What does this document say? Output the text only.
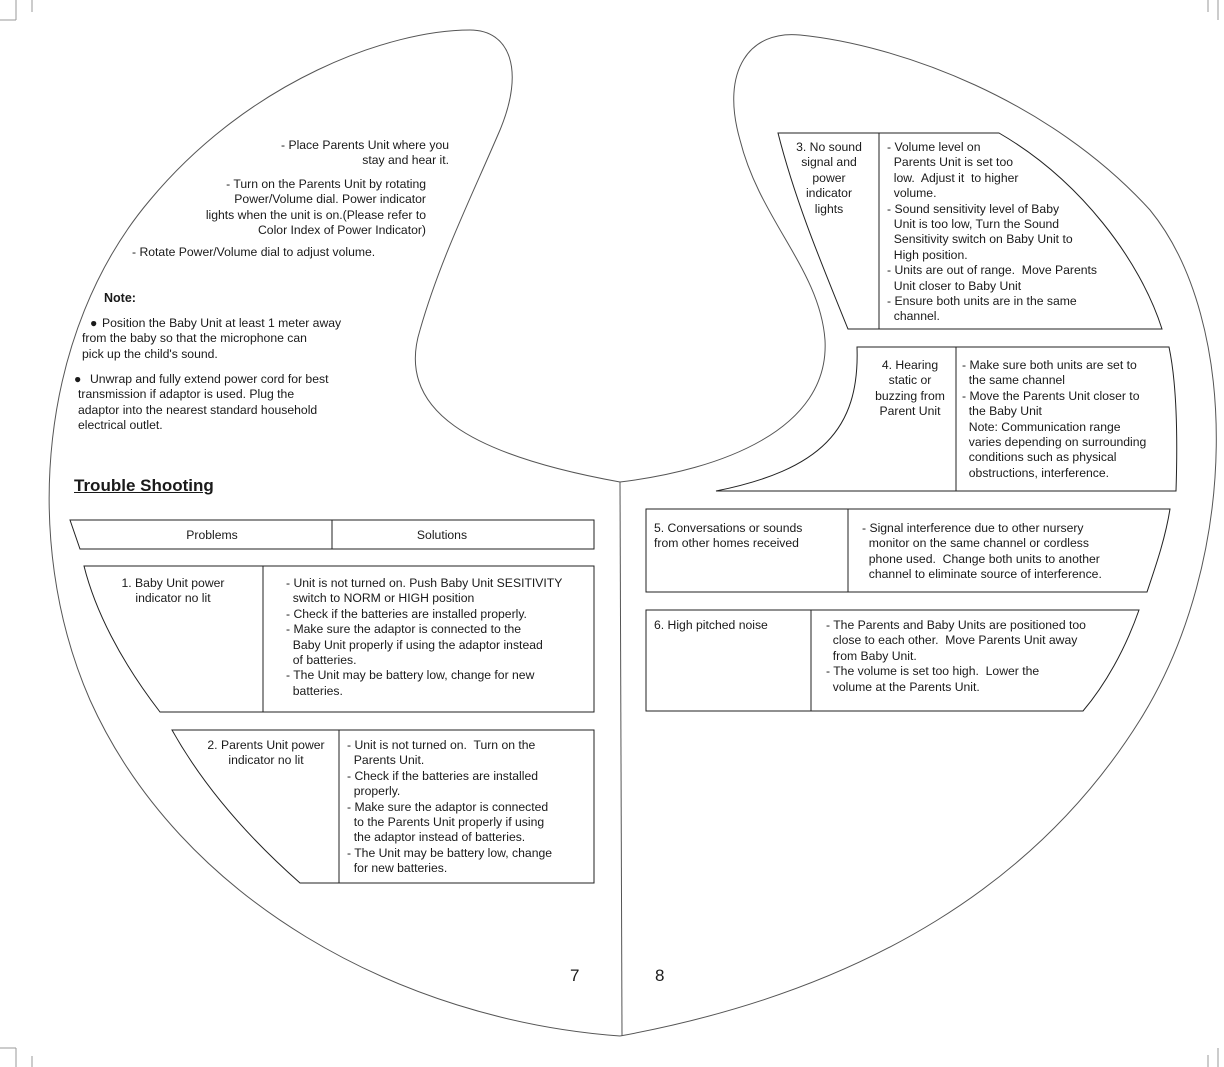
- Place Parents Unit where you
stay and hear it.
- Turn on the Parents Unit by rotating
Power/Volume dial. Power indicator
lights when the unit is on.(Please refer to
Color Index of Power Indicator)
- Rotate Power/Volume dial to adjust volume.
Note:
● Position the Baby Unit at least 1 meter away
from the baby so that the microphone can
pick up the child's sound.
● Unwrap and fully extend power cord for best
transmission if adaptor is used. Plug the
adaptor into the nearest standard household
electrical outlet.
Trouble Shooting
Problems	Solutions
1. Baby Unit power
indicator no lit
- Unit is not turned on. Push Baby Unit SESITIVITY
switch to NORM or HIGH position
- Check if the batteries are installed properly.
- Make sure the adaptor is connected to the
Baby Unit properly if using the adaptor instead
of batteries.
- The Unit may be battery low, change for new
batteries.
2. Parents Unit power
indicator no lit
- Unit is not turned on.  Turn on the
Parents Unit.
- Check if the batteries are installed
properly.
- Make sure the adaptor is connected
to the Parents Unit properly if using
the adaptor instead of batteries.
- The Unit may be battery low, change
for new batteries.
7
3. No sound
signal and
power
indicator
lights
- Volume level on
Parents Unit is set too
low.  Adjust it  to higher
volume.
- Sound sensitivity level of Baby
Unit is too low, Turn the Sound
Sensitivity switch on Baby Unit to
High position.
- Units are out of range.  Move Parents
Unit closer to Baby Unit
- Ensure both units are in the same
channel.
4. Hearing
static or
buzzing from
Parent Unit
- Make sure both units are set to
the same channel
- Move the Parents Unit closer to
the Baby Unit
Note: Communication range
varies depending on surrounding
conditions such as physical
obstructions, interference.
5. Conversations or sounds
from other homes received
- Signal interference due to other nursery
monitor on the same channel or cordless
phone used.  Change both units to another
channel to eliminate source of interference.
6. High pitched noise	- The Parents and Baby Units are positioned too
close to each other.  Move Parents Unit away
from Baby Unit.
- The volume is set too high.  Lower the
volume at the Parents Unit.
8
